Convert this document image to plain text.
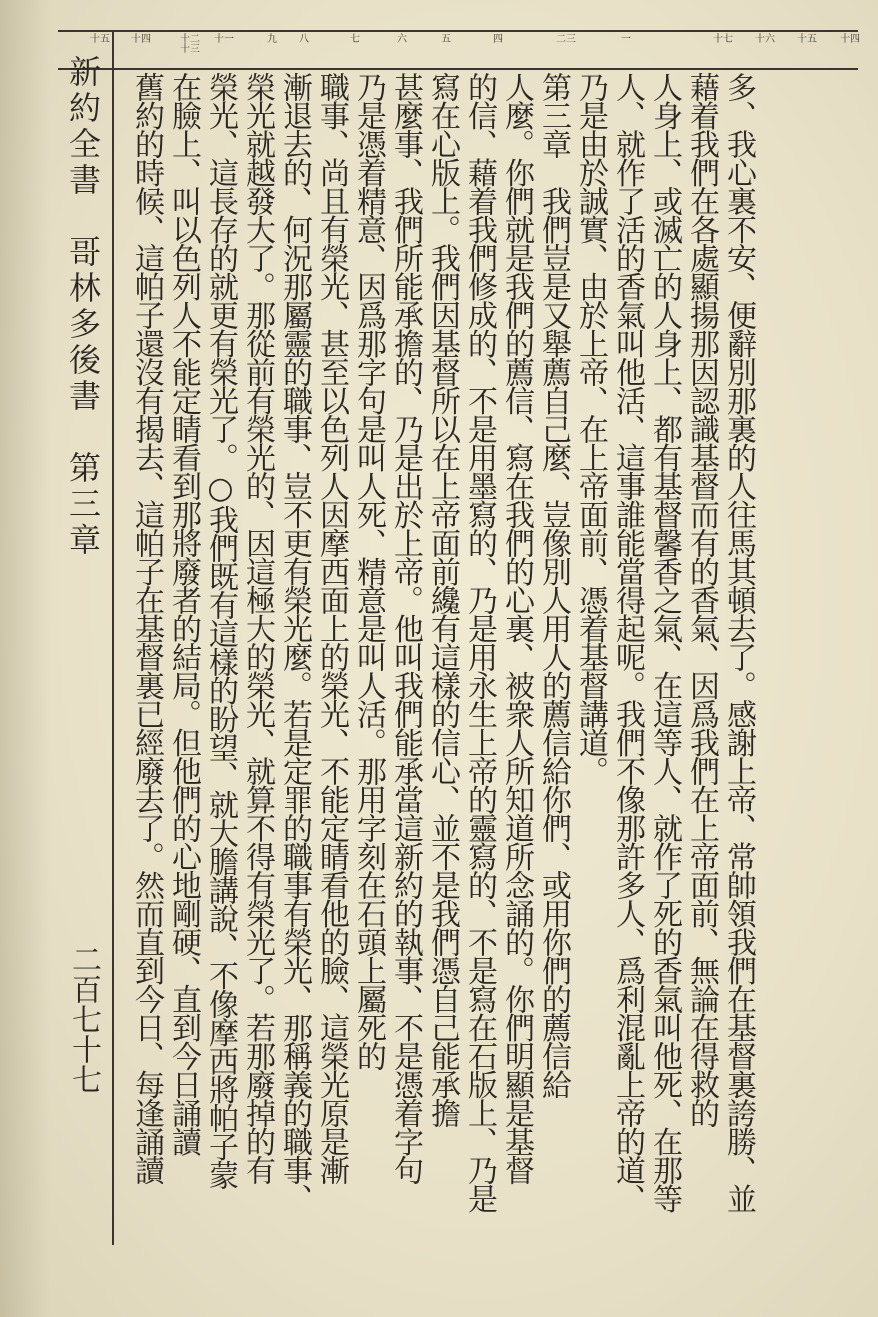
十四
十五
十六
十七
一
二三
四
五
六
七
八
九
十一
十二十三
十四
十五
新約全書　哥林多後書　第三章
二百七十七	多、我心裏不安、便辭別那裏的人往馬其頓去了。感謝上帝、常帥領我們在基督裏誇勝、並
藉着我們在各處顯揚那因認識基督而有的香氣、因爲我們在上帝面前、無論在得救的
人身上、或滅亡的人身上、都有基督馨香之氣、在這等人、就作了死的香氣叫他死、在那等
人、就作了活的香氣叫他活、這事誰能當得起呢。我們不像那許多人、爲利混亂上帝的道、
乃是由於誠實、由於上帝、在上帝面前、憑着基督講道。
第三章　我們豈是又舉薦自己麼、豈像別人用人的薦信給你們、或用你們的薦信給
人麼。你們就是我們的薦信、寫在我們的心裏、被衆人所知道所念誦的。你們明顯是基督
的信、藉着我們修成的、不是用墨寫的、乃是用永生上帝的靈寫的、不是寫在石版上、乃是
寫在心版上。我們因基督所以在上帝面前纔有這樣的信心、並不是我們憑自己能承擔
甚麼事、我們所能承擔的、乃是出於上帝。他叫我們能承當這新約的執事、不是憑着字句
乃是憑着精意、因爲那字句是叫人死、精意是叫人活。那用字刻在石頭上屬死的
職事、尚且有榮光、甚至以色列人因摩西面上的榮光、不能定睛看他的臉、這榮光原是漸
漸退去的、何況那屬靈的職事、豈不更有榮光麼。若是定罪的職事有榮光、那稱義的職事、
榮光就越發大了。那從前有榮光的、因這極大的榮光、就算不得有榮光了。若那廢掉的有
榮光、這長存的就更有榮光了。○我們既有這樣的盼望、就大膽講說、不像摩西將帕子蒙
在臉上、叫以色列人不能定睛看到那將廢者的結局。但他們的心地剛硬、直到今日誦讀
舊約的時候、這帕子還沒有揭去、這帕子在基督裏已經廢去了。然而直到今日、每逢誦讀
